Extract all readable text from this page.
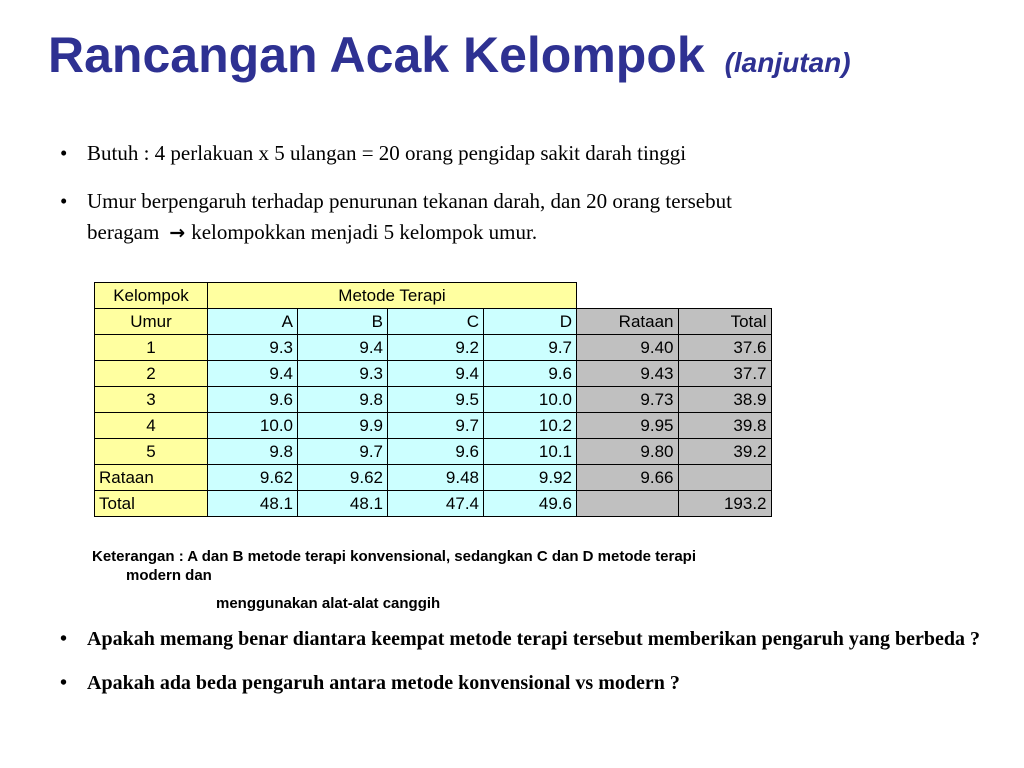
Rancangan Acak Kelompok (lanjutan)
• Butuh : 4 perlakuan x 5 ulangan = 20 orang pengidap sakit darah tinggi
• Umur berpengaruh terhadap penurunan tekanan darah, dan 20 orang tersebut
beragam → kelompokkan menjadi 5 kelompok umur.
Kelompok	Metode Terapi					
Umur	A	B	C	D	Rataan	Total
1	9.3	9.4	9.2	9.7	9.40	37.6
2	9.4	9.3	9.4	9.6	9.43	37.7
3	9.6	9.8	9.5	10.0	9.73	38.9
4	10.0	9.9	9.7	10.2	9.95	39.8
5	9.8	9.7	9.6	10.1	9.80	39.2
Rataan	9.62	9.62	9.48	9.92	9.66	
Total	48.1	48.1	47.4	49.6		193.2
Keterangan : A dan B metode terapi konvensional, sedangkan C dan D metode terapi
modern dan
menggunakan alat-alat canggih
• Apakah memang benar diantara keempat metode terapi tersebut memberikan pengaruh yang berbeda ?
• Apakah ada beda pengaruh antara metode konvensional vs modern ?
